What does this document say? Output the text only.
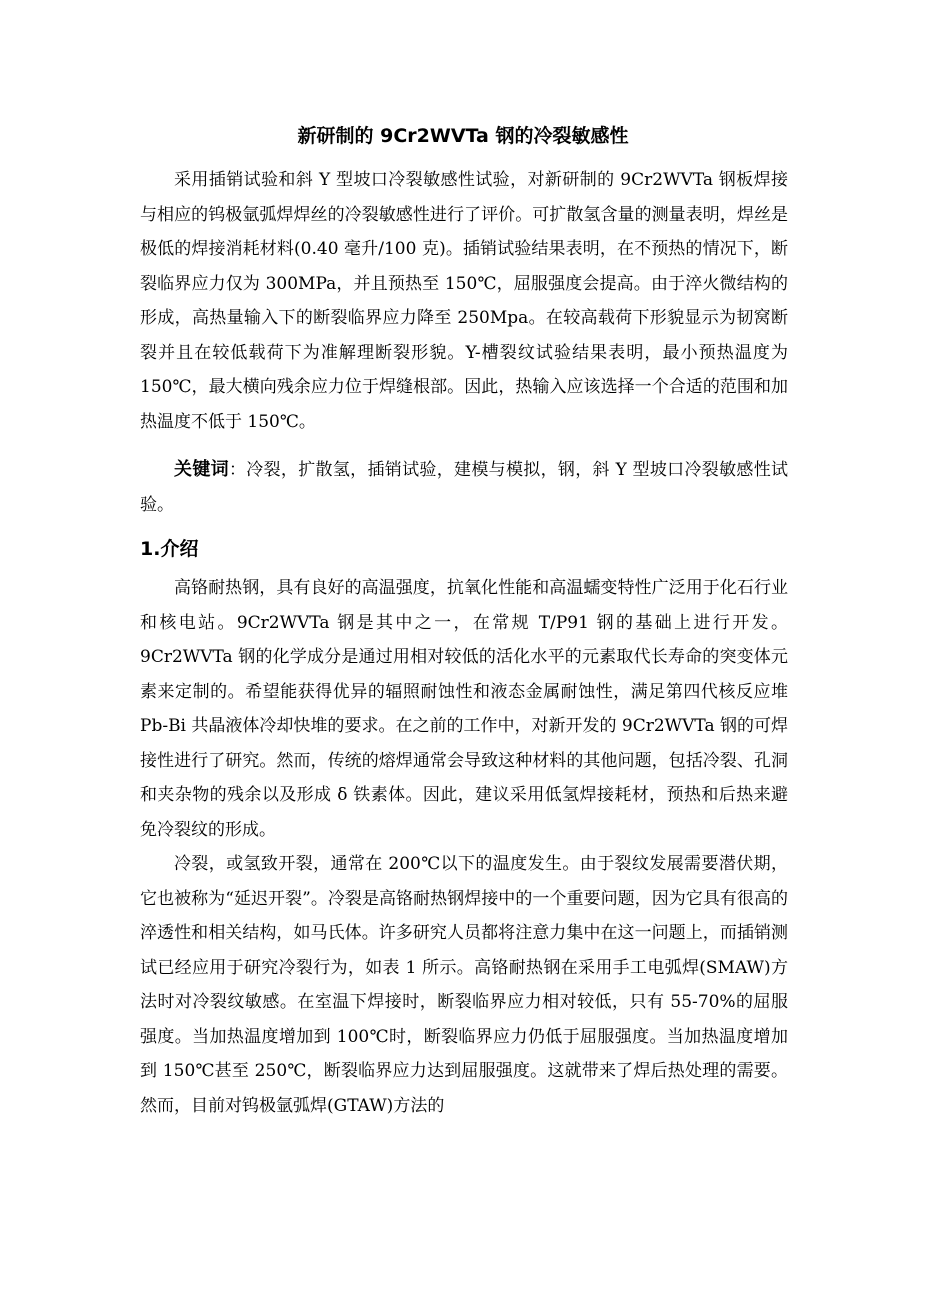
新研制的 9Cr2WVTa 钢的冷裂敏感性

采用插销试验和斜 Y 型坡口冷裂敏感性试验，对新研制的 9Cr2WVTa 钢板焊接与相应的钨极氩弧焊焊丝的冷裂敏感性进行了评价。可扩散氢含量的测量表明，焊丝是极低的焊接消耗材料(0.40 毫升/100 克)。插销试验结果表明，在不预热的情况下，断裂临界应力仅为 300MPa，并且预热至 150℃，屈服强度会提高。由于淬火微结构的形成，高热量输入下的断裂临界应力降至 250Mpa。在较高载荷下形貌显示为韧窝断裂并且在较低载荷下为准解理断裂形貌。Y-槽裂纹试验结果表明，最小预热温度为 150℃，最大横向残余应力位于焊缝根部。因此，热输入应该选择一个合适的范围和加热温度不低于 150℃。

关键词：冷裂，扩散氢，插销试验，建模与模拟，钢，斜 Y 型坡口冷裂敏感性试验。

1.介绍

高铬耐热钢，具有良好的高温强度，抗氧化性能和高温蠕变特性广泛用于化石行业和核电站。9Cr2WVTa 钢是其中之一，在常规 T/P91 钢的基础上进行开发。9Cr2WVTa 钢的化学成分是通过用相对较低的活化水平的元素取代长寿命的突变体元素来定制的。希望能获得优异的辐照耐蚀性和液态金属耐蚀性，满足第四代核反应堆 Pb-Bi 共晶液体冷却快堆的要求。在之前的工作中，对新开发的 9Cr2WVTa 钢的可焊接性进行了研究。然而，传统的熔焊通常会导致这种材料的其他问题，包括冷裂、孔洞和夹杂物的残余以及形成 δ 铁素体。因此，建议采用低氢焊接耗材，预热和后热来避免冷裂纹的形成。

冷裂，或氢致开裂，通常在 200℃以下的温度发生。由于裂纹发展需要潜伏期，它也被称为“延迟开裂”。冷裂是高铬耐热钢焊接中的一个重要问题，因为它具有很高的淬透性和相关结构，如马氏体。许多研究人员都将注意力集中在这一问题上，而插销测试已经应用于研究冷裂行为，如表 1 所示。高铬耐热钢在采用手工电弧焊(SMAW)方法时对冷裂纹敏感。在室温下焊接时，断裂临界应力相对较低，只有 55-70%的屈服强度。当加热温度增加到 100℃时，断裂临界应力仍低于屈服强度。当加热温度增加到 150℃甚至 250℃，断裂临界应力达到屈服强度。这就带来了焊后热处理的需要。然而，目前对钨极氩弧焊(GTAW)方法的
